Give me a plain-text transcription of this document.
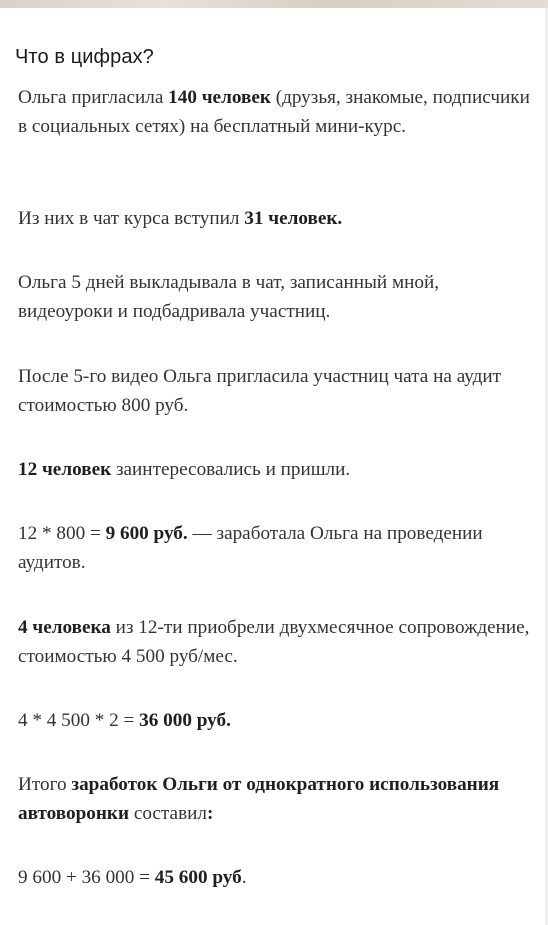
Что в цифрах?

Ольга пригласила 140 человек (друзья, знакомые, подписчики в социальных сетях) на бесплатный мини-курс.

Из них в чат курса вступил 31 человек.

Ольга 5 дней выкладывала в чат, записанный мной, видеоуроки и подбадривала участниц.

После 5-го видео Ольга пригласила участниц чата на аудит стоимостью 800 руб.

12 человек заинтересовались и пришли.

12 * 800 = 9 600 руб. — заработала Ольга на проведении аудитов.

4 человека из 12-ти приобрели двухмесячное сопровождение, стоимостью 4 500 руб/мес.

4 * 4 500 * 2 = 36 000 руб.

Итого заработок Ольги от однократного использования автоворонки составил:

9 600 + 36 000 = 45 600 руб.
